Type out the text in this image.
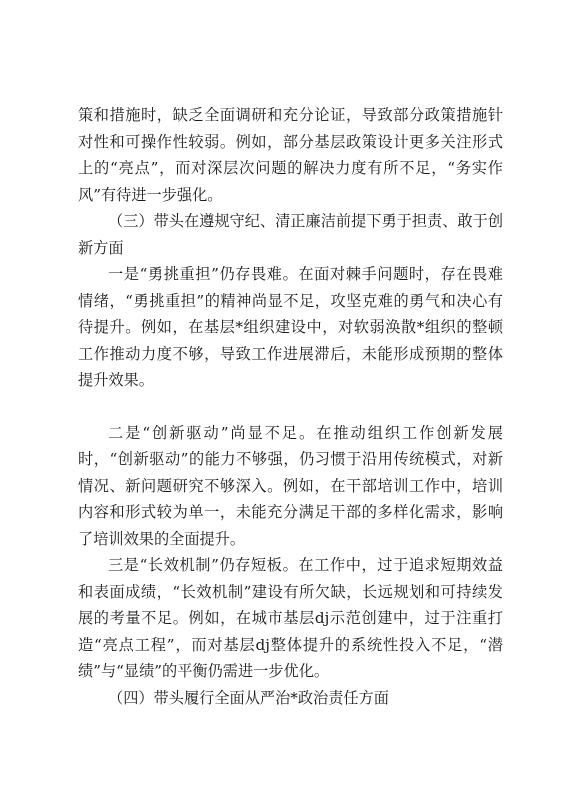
策和措施时，缺乏全面调研和充分论证，导致部分政策措施针对性和可操作性较弱。例如，部分基层政策设计更多关注形式上的“亮点”，而对深层次问题的解决力度有所不足，“务实作风”有待进一步强化。

（三）带头在遵规守纪、清正廉洁前提下勇于担责、敢于创新方面

一是“勇挑重担”仍存畏难。在面对棘手问题时，存在畏难情绪，“勇挑重担”的精神尚显不足，攻坚克难的勇气和决心有待提升。例如，在基层*组织建设中，对软弱涣散*组织的整顿工作推动力度不够，导致工作进展滞后，未能形成预期的整体提升效果。

二是“创新驱动”尚显不足。在推动组织工作创新发展时，“创新驱动”的能力不够强，仍习惯于沿用传统模式，对新情况、新问题研究不够深入。例如，在干部培训工作中，培训内容和形式较为单一，未能充分满足干部的多样化需求，影响了培训效果的全面提升。

三是“长效机制”仍存短板。在工作中，过于追求短期效益和表面成绩，“长效机制”建设有所欠缺，长远规划和可持续发展的考量不足。例如，在城市基层dj示范创建中，过于注重打造“亮点工程”，而对基层dj整体提升的系统性投入不足，“潜绩”与“显绩”的平衡仍需进一步优化。

（四）带头履行全面从严治*政治责任方面
